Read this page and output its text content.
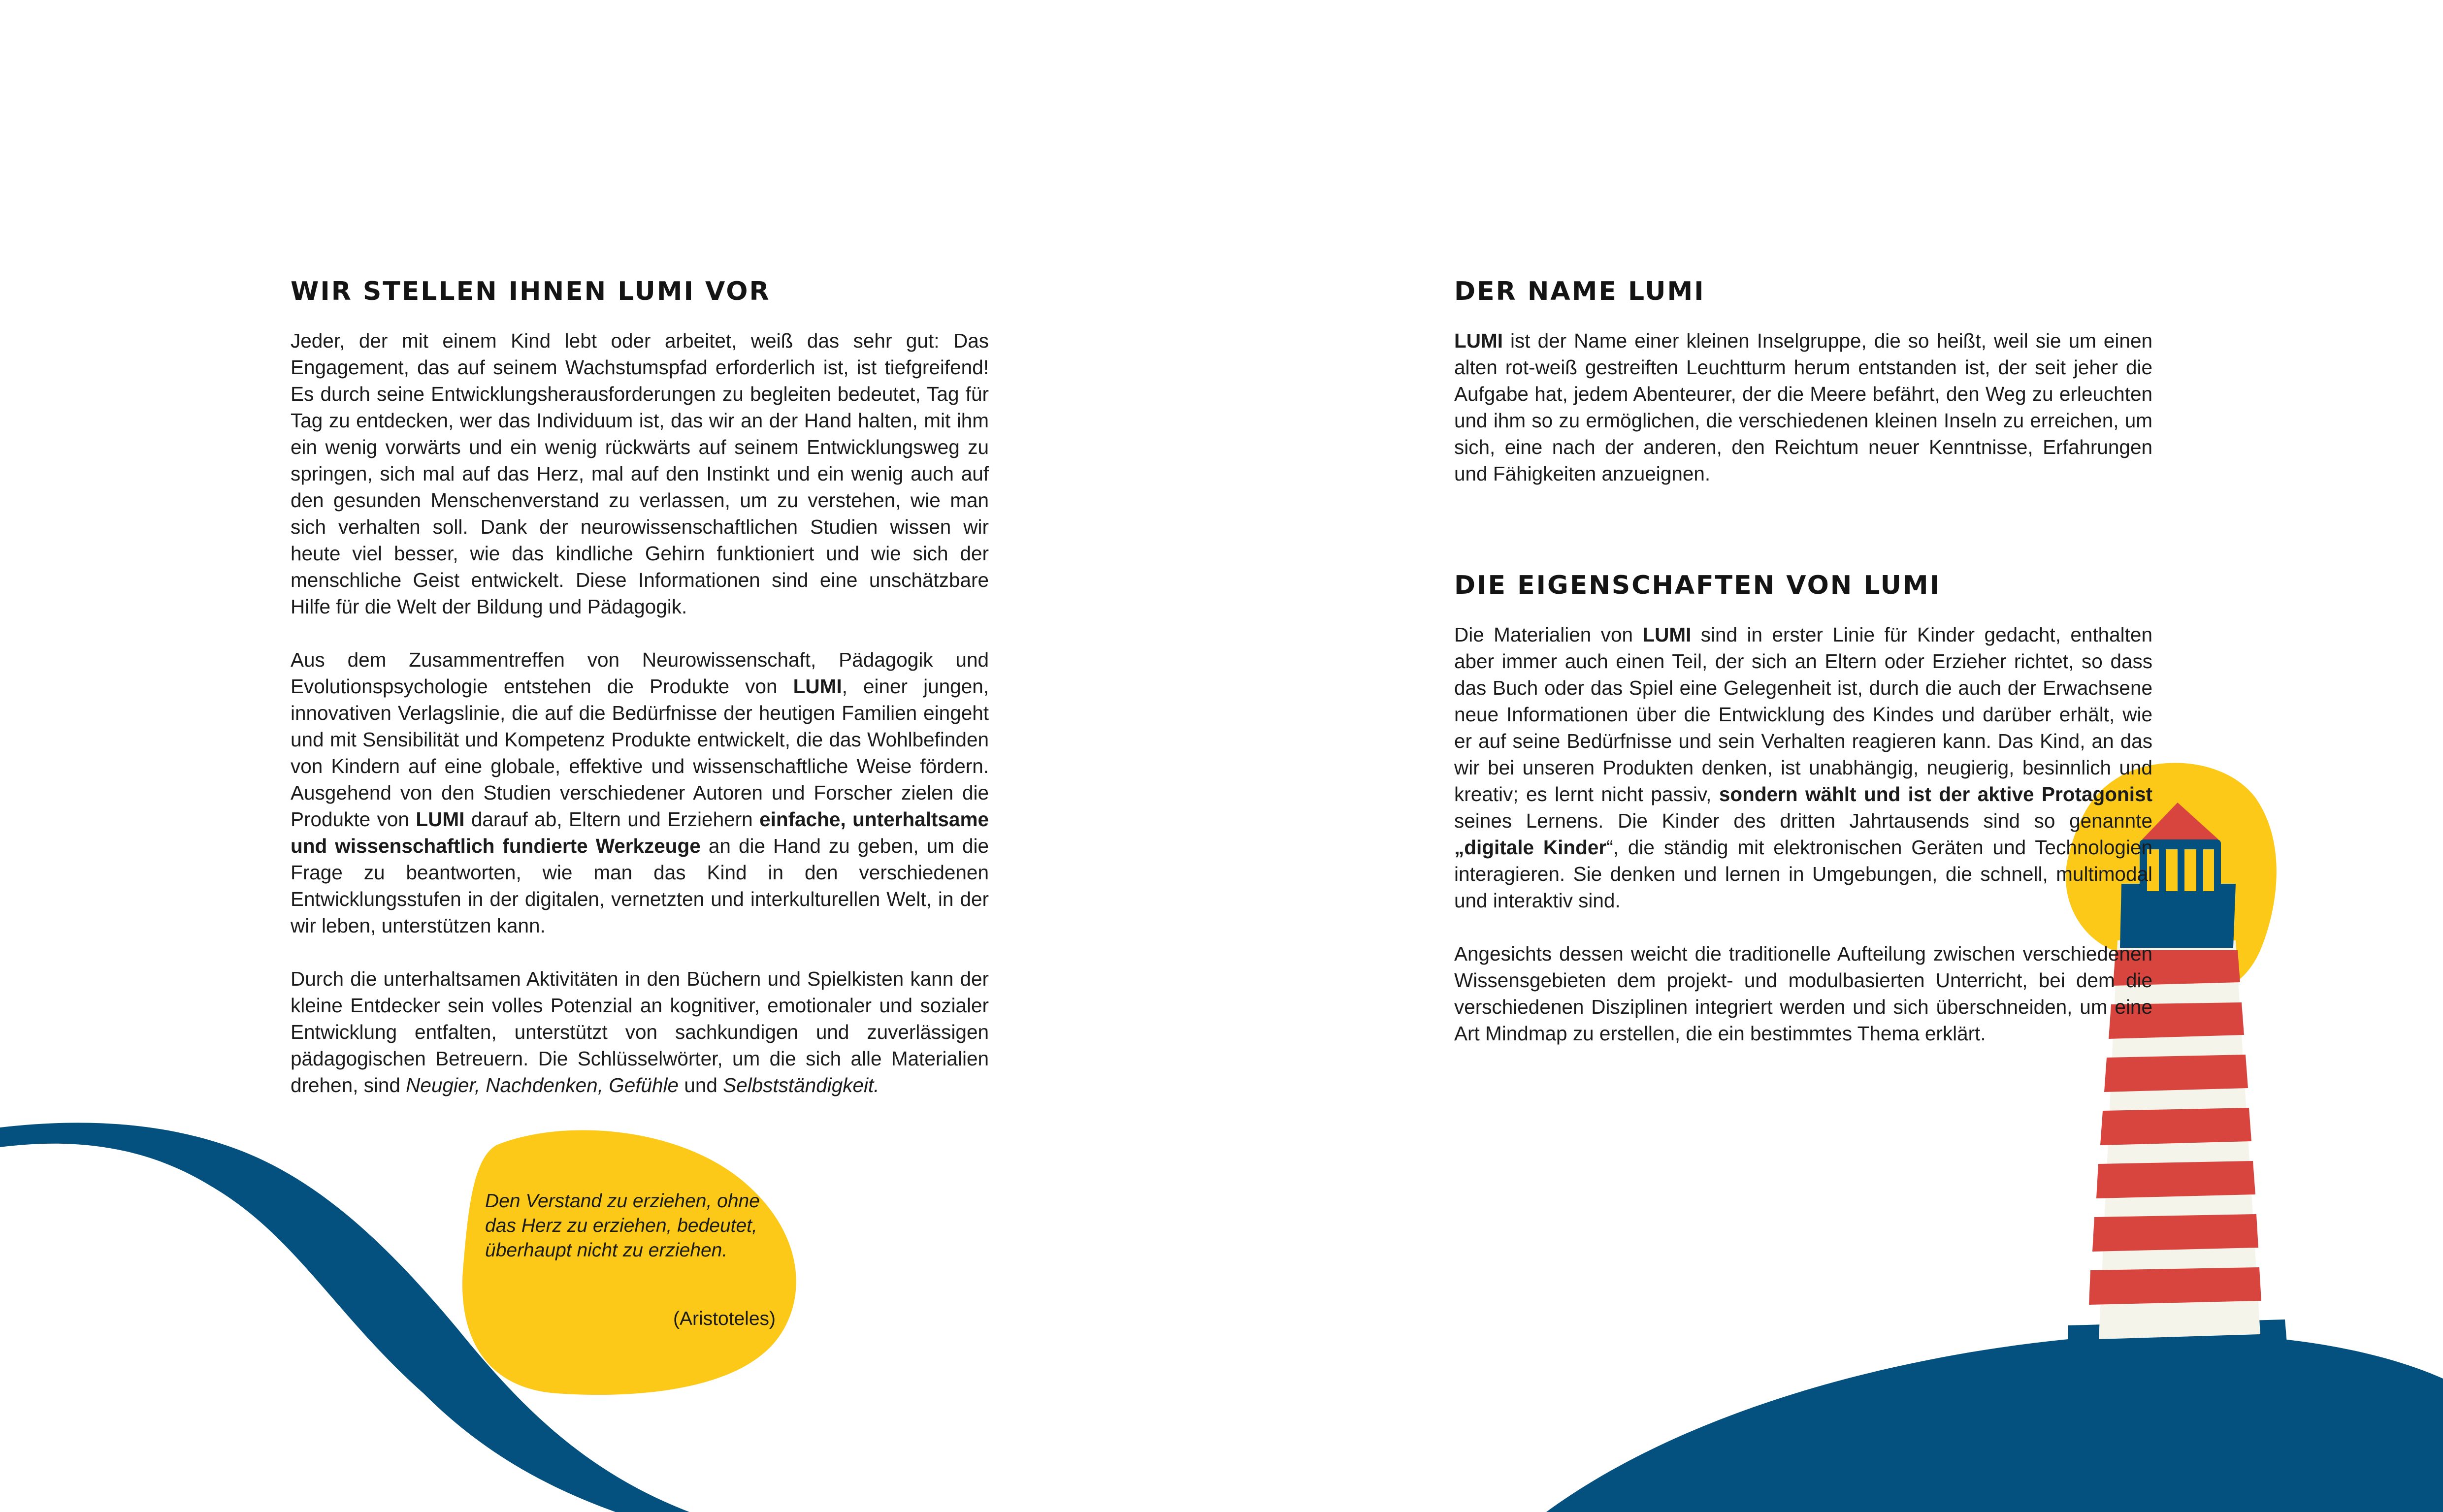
WIR STELLEN IHNEN LUMI VOR

Jeder, der mit einem Kind lebt oder arbeitet, weiß das sehr gut: Das Engagement, das auf seinem Wachstumspfad erforderlich ist, ist tiefgreifend! Es durch seine Entwicklungsherausforderungen zu begleiten bedeutet, Tag für Tag zu entdecken, wer das Individuum ist, das wir an der Hand halten, mit ihm ein wenig vorwärts und ein wenig rückwärts auf seinem Entwicklungsweg zu springen, sich mal auf das Herz, mal auf den Instinkt und ein wenig auch auf den gesunden Menschenverstand zu verlassen, um zu verstehen, wie man sich verhalten soll. Dank der neurowissenschaftlichen Studien wissen wir heute viel besser, wie das kindliche Gehirn funktioniert und wie sich der menschliche Geist entwickelt. Diese Informationen sind eine unschätzbare Hilfe für die Welt der Bildung und Pädagogik.

Aus dem Zusammentreffen von Neurowissenschaft, Pädagogik und Evolutionspsychologie entstehen die Produkte von LUMI, einer jungen, innovativen Verlagslinie, die auf die Bedürfnisse der heutigen Familien eingeht und mit Sensibilität und Kompetenz Produkte entwickelt, die das Wohlbefinden von Kindern auf eine globale, effektive und wissenschaftliche Weise fördern. Ausgehend von den Studien verschiedener Autoren und Forscher zielen die Produkte von LUMI darauf ab, Eltern und Erziehern einfache, unterhaltsame und wissenschaftlich fundierte Werkzeuge an die Hand zu geben, um die Frage zu beantworten, wie man das Kind in den verschiedenen Entwicklungsstufen in der digitalen, vernetzten und interkulturellen Welt, in der wir leben, unterstützen kann.

Durch die unterhaltsamen Aktivitäten in den Büchern und Spielkisten kann der kleine Entdecker sein volles Potenzial an kognitiver, emotionaler und sozialer Entwicklung entfalten, unterstützt von sachkundigen und zuverlässigen pädagogischen Betreuern. Die Schlüsselwörter, um die sich alle Materialien drehen, sind Neugier, Nachdenken, Gefühle und Selbstständigkeit.

Den Verstand zu erziehen, ohne das Herz zu erziehen, bedeutet, überhaupt nicht zu erziehen.
(Aristoteles)
DER NAME LUMI

LUMI ist der Name einer kleinen Inselgruppe, die so heißt, weil sie um einen alten rot-weiß gestreiften Leuchtturm herum entstanden ist, der seit jeher die Aufgabe hat, jedem Abenteurer, der die Meere befährt, den Weg zu erleuchten und ihm so zu ermöglichen, die verschiedenen kleinen Inseln zu erreichen, um sich, eine nach der anderen, den Reichtum neuer Kenntnisse, Erfahrungen und Fähigkeiten anzueignen.

DIE EIGENSCHAFTEN VON LUMI

Die Materialien von LUMI sind in erster Linie für Kinder gedacht, enthalten aber immer auch einen Teil, der sich an Eltern oder Erzieher richtet, so dass das Buch oder das Spiel eine Gelegenheit ist, durch die auch der Erwachsene neue Informationen über die Entwicklung des Kindes und darüber erhält, wie er auf seine Bedürfnisse und sein Verhalten reagieren kann. Das Kind, an das wir bei unseren Produkten denken, ist unabhängig, neugierig, besinnlich und kreativ; es lernt nicht passiv, sondern wählt und ist der aktive Protagonist seines Lernens. Die Kinder des dritten Jahrtausends sind so genannte „digitale Kinder“, die ständig mit elektronischen Geräten und Technologien interagieren. Sie denken und lernen in Umgebungen, die schnell, multimodal und interaktiv sind.

Angesichts dessen weicht die traditionelle Aufteilung zwischen verschiedenen Wissensgebieten dem projekt- und modulbasierten Unterricht, bei dem die verschiedenen Disziplinen integriert werden und sich überschneiden, um eine Art Mindmap zu erstellen, die ein bestimmtes Thema erklärt.
